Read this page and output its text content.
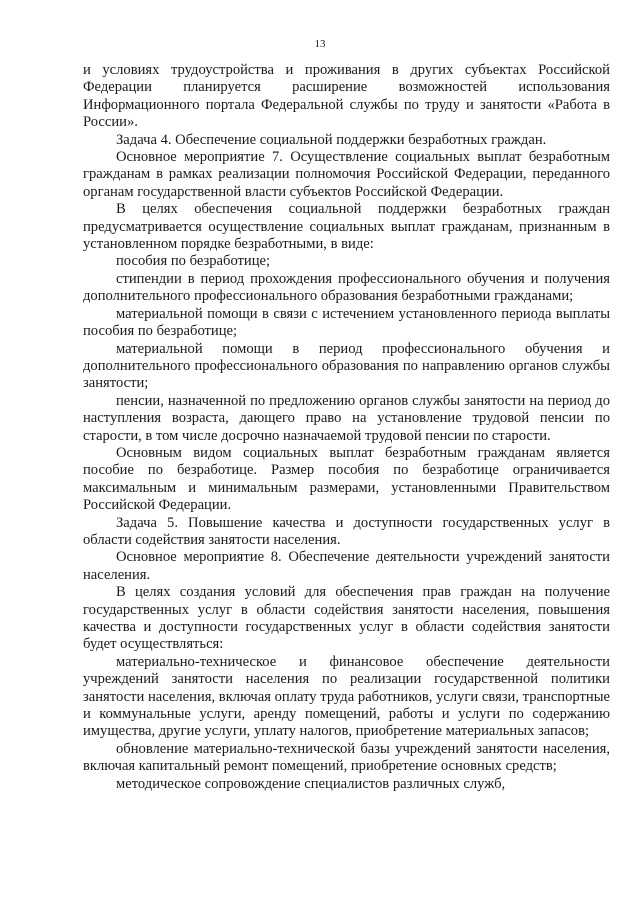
13

и условиях трудоустройства и проживания в других субъектах Российской Федерации планируется расширение возможностей использования Информационного портала Федеральной службы по труду и занятости «Работа в России».

Задача 4. Обеспечение социальной поддержки безработных граждан.

Основное мероприятие 7. Осуществление социальных выплат безработным гражданам в рамках реализации полномочия Российской Федерации, переданного органам государственной власти субъектов Российской Федерации.

В целях обеспечения социальной поддержки безработных граждан предусматривается осуществление социальных выплат гражданам, признанным в установленном порядке безработными, в виде:

пособия по безработице;

стипендии в период прохождения профессионального обучения и получения дополнительного профессионального образования безработными гражданами;

материальной помощи в связи с истечением установленного периода выплаты пособия по безработице;

материальной помощи в период профессионального обучения и дополнительного профессионального образования по направлению органов службы занятости;

пенсии, назначенной по предложению органов службы занятости на период до наступления возраста, дающего право на установление трудовой пенсии по старости, в том числе досрочно назначаемой трудовой пенсии по старости.

Основным видом социальных выплат безработным гражданам является пособие по безработице. Размер пособия по безработице ограничивается максимальным и минимальным размерами, установленными Правительством Российской Федерации.

Задача 5. Повышение качества и доступности государственных услуг в области содействия занятости населения.

Основное мероприятие 8. Обеспечение деятельности учреждений занятости населения.

В целях создания условий для обеспечения прав граждан на получение государственных услуг в области содействия занятости населения, повышения качества и доступности государственных услуг в области содействия занятости будет осуществляться:

материально-техническое и финансовое обеспечение деятельности учреждений занятости населения по реализации государственной политики занятости населения, включая оплату труда работников, услуги связи, транспортные и коммунальные услуги, аренду помещений, работы и услуги по содержанию имущества, другие услуги, уплату налогов, приобретение материальных запасов;

обновление материально-технической базы учреждений занятости населения, включая капитальный ремонт помещений, приобретение основных средств;

методическое сопровождение специалистов различных служб,
